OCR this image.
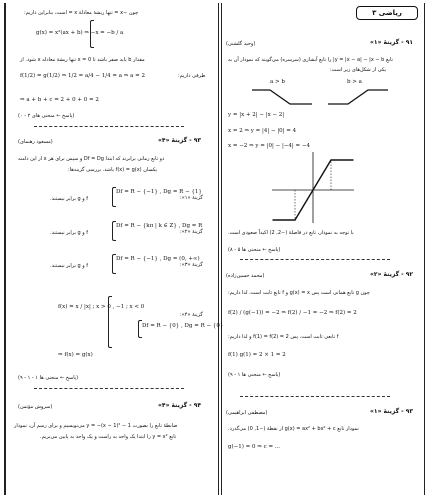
ریاضی ۳
چون −x = تنها ریشهٔ معادلهٔ x = است، بنابراین داریم:
g(x) = x²(ax + b) ⇒ −x = −b / a
مقدار b باید صفر باشد تا x = 0 تنها ریشهٔ معادله x شود. از
f(1/2) = g(1/2) ⇒ 1/2 = a/4 − 1/4 = a ⇒ a = 2	طرفی داریم:
⇒ a + b + c = 2 + 0 + 0 = 2
(پاسخ ← منحنی های ۲ - ۰)
۹۳ - گزینهٔ «۴»
(مسعود رهنمای)
دو تابع زمانی برابرند که ابتدا Df = Dg و سپس برای هر x از این دامنه
یکسان f(x) = g(x) باشد. بررسی گزینه‌ها:
گزینهٔ «۱»:
Df = R − {−1} , Dg = R − {1}
f و g برابر نیستند.
گزینهٔ «۲»:
Df = R − {kπ | k ∈ Z} , Dg = R
f و g برابر نیستند.
گزینهٔ «۳»:
Df = R − {−1} , Dg = (0, +∞)
f و g برابر نیستند.
گزینهٔ «۴»:
f(x) = x / |x| ; x > 0 , −1 ; x < 0
Df = R − {0} , Dg = R − {0}
⇒ f(x) = g(x)
(پاسخ ← منحنی ها ۱ - ۱ - ۹)
۹۴ - گزینهٔ «۴»
(سروش مؤتمن)
ضابطهٔ تابع را بصورت y = −(x − 1)² − 1 می‌نویسیم و برای رسم آن، نمودار
تابع y = x² را ابتدا یک واحد به راست و یک واحد به پایین می‌بریم.
۹۱ - گزینهٔ «۱»
(وحید گلشنی)
تابع y = |x − a| − |x − b| را تابع آبشاری (سرسره) می‌گویند که نمودار آن به
یکی از شکل‌های زیر است:
a > b	b > a
y = |x + 2| − |x − 2|
x = 2 ⇒ y = |4| − |0| = 4
x = −2 ⇒ y = |0| − |−4| = −4
با توجه به نمودار، تابع در فاصلهٔ (−2, 2) اکیداً صعودی است.
(پاسخ ← منحنی ها ۵ - ۸)
۹۲ - گزینهٔ «۲»
(محمد حسین‌زاده)
چون g تابع همانی است پس g(x) = x و f تابع ثابت است، لذا داریم:
f(2) / (g(−1)) = −2 ⇒ f(2) / −1 = −2 ⇒ f(2) = 2
f تابعی ثابت است، پس f(1) = f(2) = 2 و لذا داریم:
f(1) g(1) = 2 × 1 = 2
(پاسخ ← منحنی ها ۱ - ۹)
۹۳ - گزینهٔ «۱»
(مصطفی ابراهیمی)
نمودار تابع g(x) = ax² + bx² + c از نقطهٔ (−1, 0) می‌گذرد.
g(−1) = 0 ⇒ c = ...
